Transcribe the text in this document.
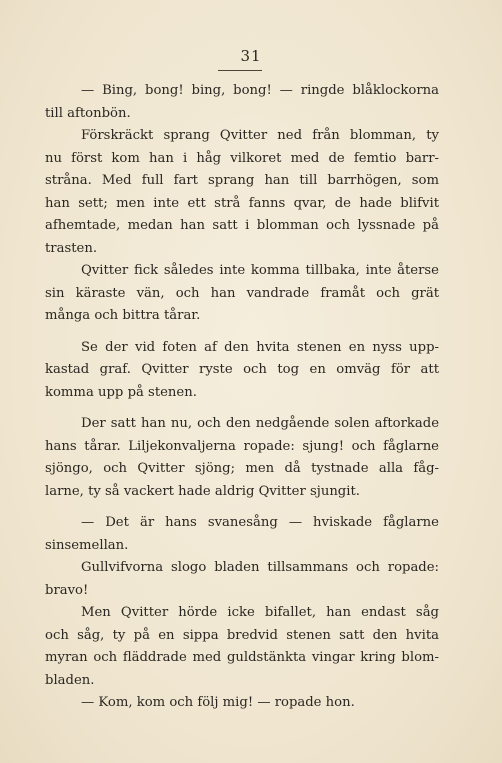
31
— Bing, bong! bing, bong! — ringde blåklockorna
till aftonbön.
Förskräckt sprang Qvitter ned från blomman, ty
nu först kom han i håg vilkoret med de femtio barr-
stråna. Med full fart sprang han till barrhögen, som
han sett; men inte ett strå fanns qvar, de hade blifvit
afhemtade, medan han satt i blomman och lyssnade på
trasten.
Qvitter fick således inte komma tillbaka, inte återse
sin käraste vän, och han vandrade framåt och grät
många och bittra tårar.
Se der vid foten af den hvita stenen en nyss upp-
kastad graf. Qvitter ryste och tog en omväg för att
komma upp på stenen.
Der satt han nu, och den nedgående solen aftorkade
hans tårar. Liljekonvaljerna ropade: sjung! och fåglarne
sjöngo, och Qvitter sjöng; men då tystnade alla fåg-
larne, ty så vackert hade aldrig Qvitter sjungit.
— Det är hans svanesång — hviskade fåglarne
sinsemellan.
Gullvifvorna slogo bladen tillsammans och ropade:
bravo!
Men Qvitter hörde icke bifallet, han endast såg
och såg, ty på en sippa bredvid stenen satt den hvita
myran och fläddrade med guldstänkta vingar kring blom-
bladen.
— Kom, kom och följ mig! — ropade hon.
